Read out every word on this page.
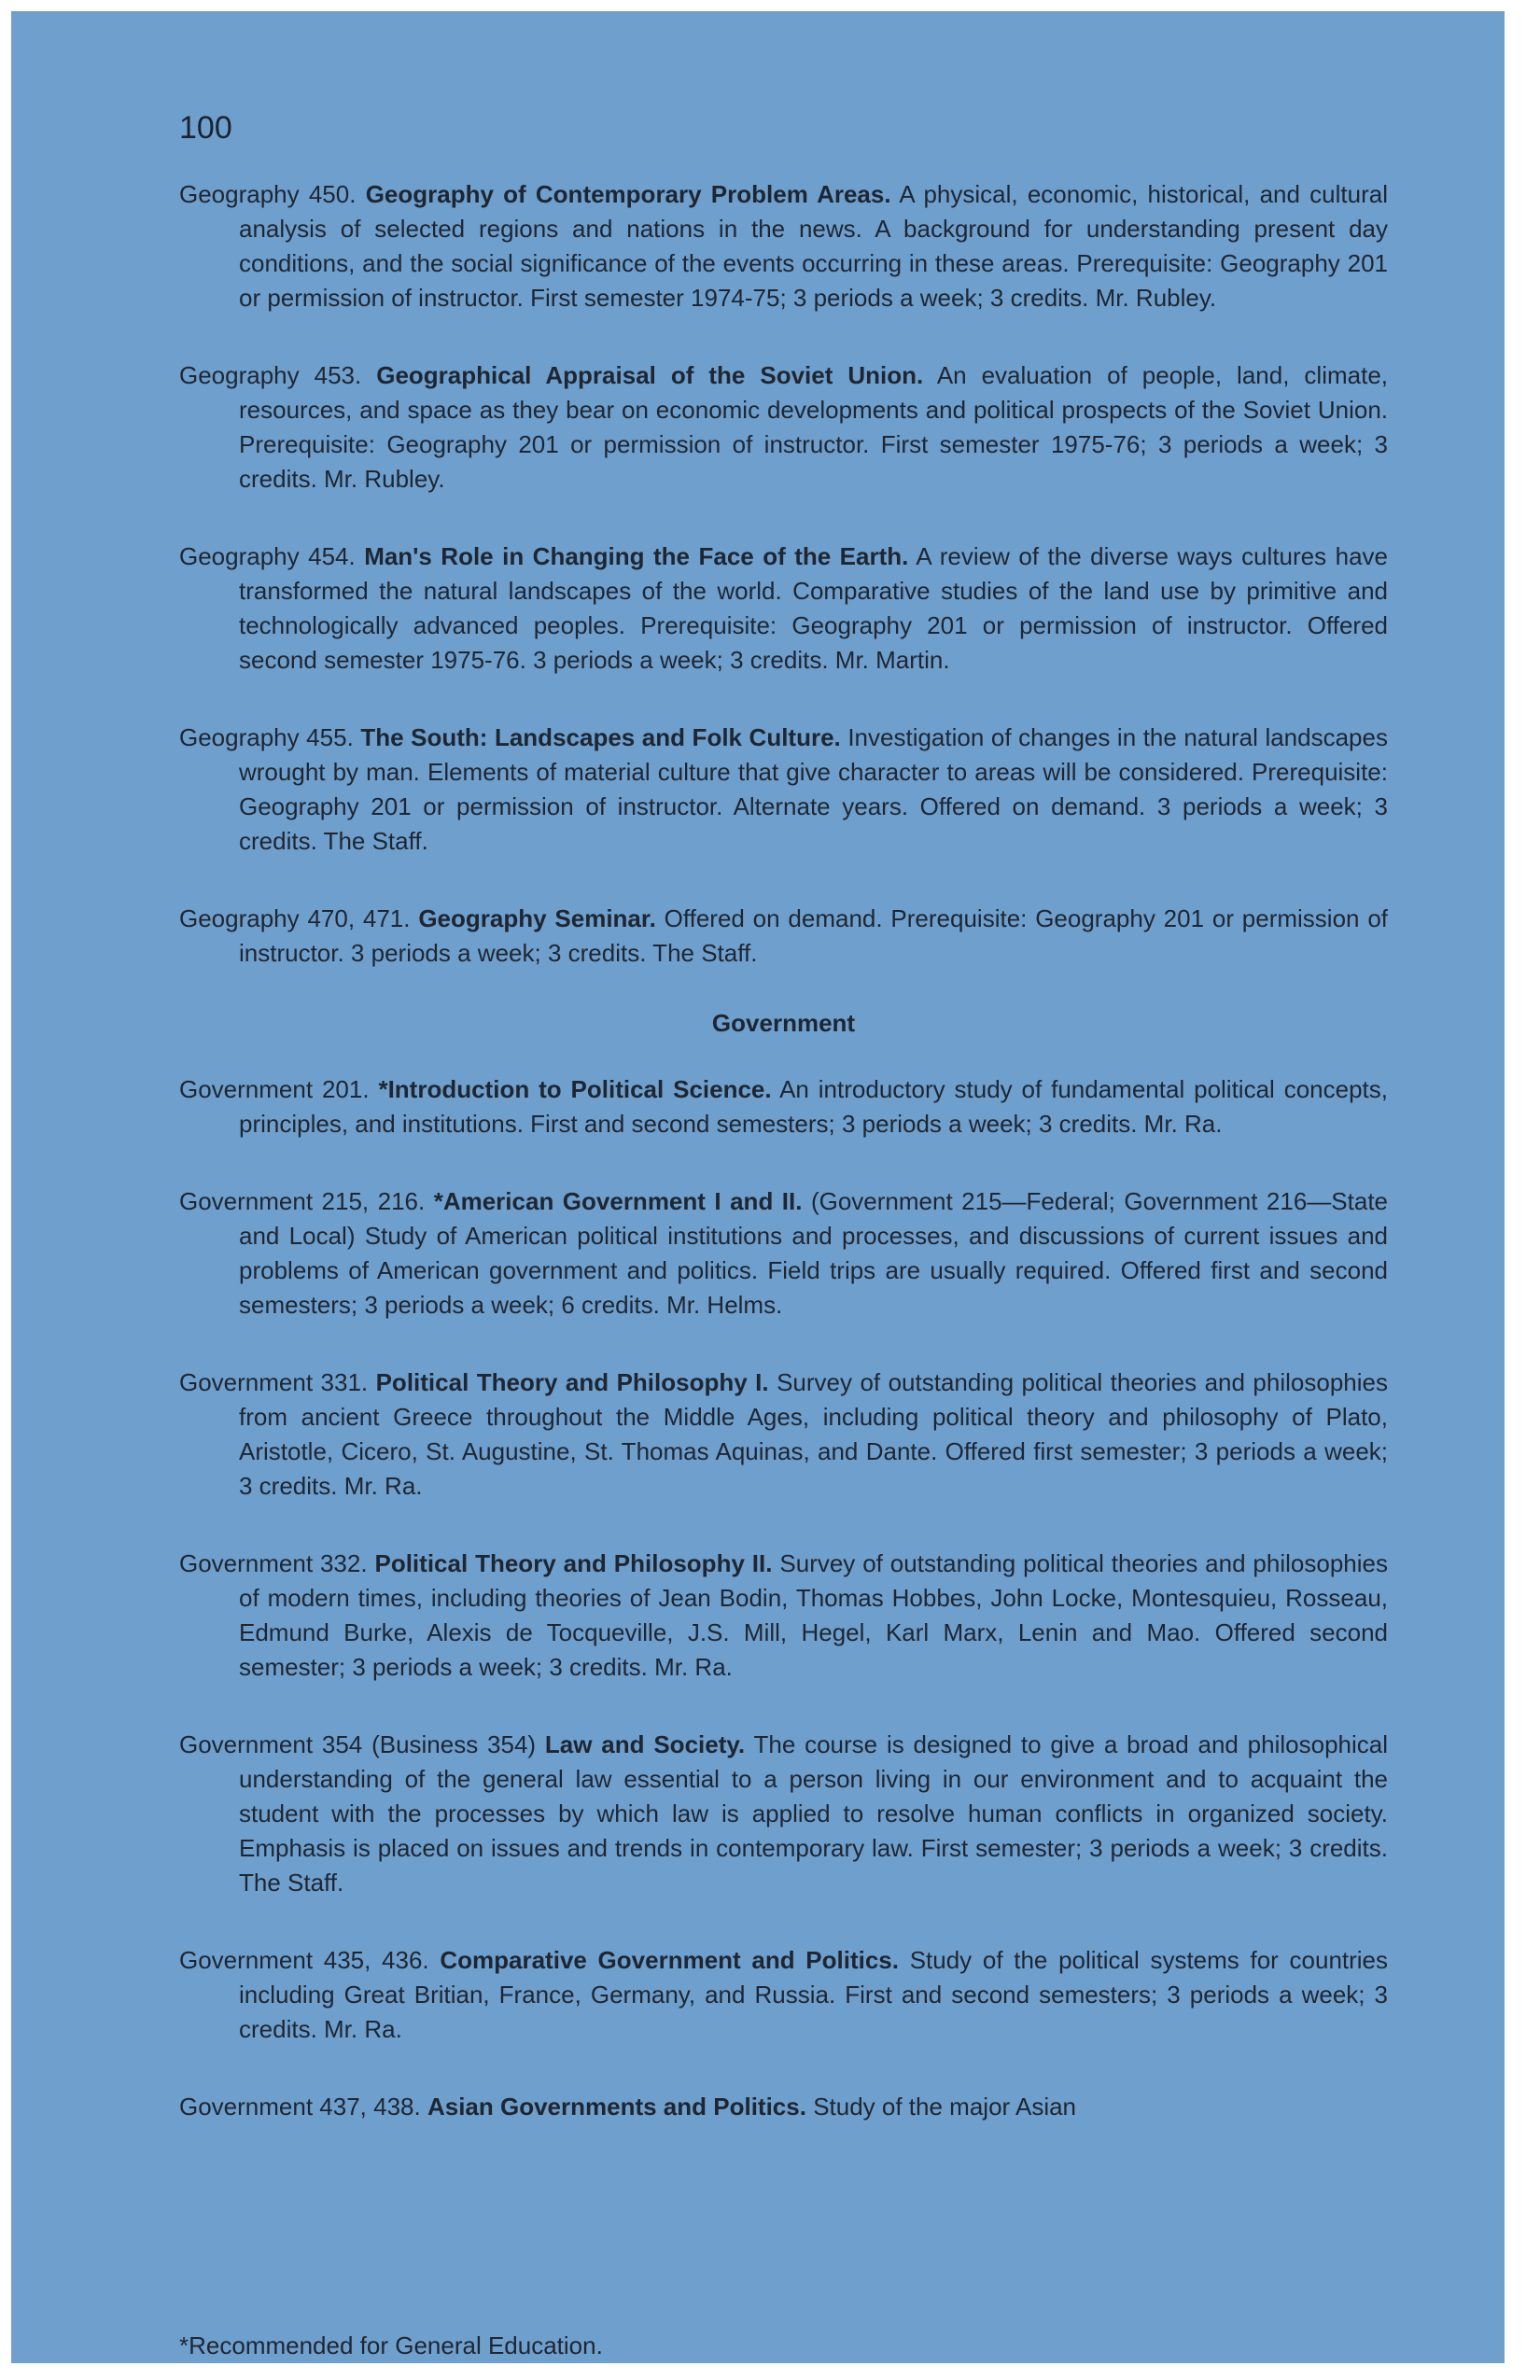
100

Geography 450. Geography of Contemporary Problem Areas. A physical, economic, historical, and cultural analysis of selected regions and nations in the news. A background for understanding present day conditions, and the social significance of the events occurring in these areas. Prerequisite: Geography 201 or permission of instructor. First semester 1974-75; 3 periods a week; 3 credits. Mr. Rubley.

Geography 453. Geographical Appraisal of the Soviet Union. An evaluation of people, land, climate, resources, and space as they bear on economic developments and political prospects of the Soviet Union. Prerequisite: Geography 201 or permission of instructor. First semester 1975-76; 3 periods a week; 3 credits. Mr. Rubley.

Geography 454. Man's Role in Changing the Face of the Earth. A review of the diverse ways cultures have transformed the natural landscapes of the world. Comparative studies of the land use by primitive and technologically advanced peoples. Prerequisite: Geography 201 or permission of instructor. Offered second semester 1975-76. 3 periods a week; 3 credits. Mr. Martin.

Geography 455. The South: Landscapes and Folk Culture. Investigation of changes in the natural landscapes wrought by man. Elements of material culture that give character to areas will be considered. Prerequisite: Geography 201 or permission of instructor. Alternate years. Offered on demand. 3 periods a week; 3 credits. The Staff.

Geography 470, 471. Geography Seminar. Offered on demand. Prerequisite: Geography 201 or permission of instructor. 3 periods a week; 3 credits. The Staff.

Government

Government 201. *Introduction to Political Science. An introductory study of fundamental political concepts, principles, and institutions. First and second semesters; 3 periods a week; 3 credits. Mr. Ra.

Government 215, 216. *American Government I and II. (Government 215—Federal; Government 216—State and Local) Study of American political institutions and processes, and discussions of current issues and problems of American government and politics. Field trips are usually required. Offered first and second semesters; 3 periods a week; 6 credits. Mr. Helms.

Government 331. Political Theory and Philosophy I. Survey of outstanding political theories and philosophies from ancient Greece throughout the Middle Ages, including political theory and philosophy of Plato, Aristotle, Cicero, St. Augustine, St. Thomas Aquinas, and Dante. Offered first semester; 3 periods a week; 3 credits. Mr. Ra.

Government 332. Political Theory and Philosophy II. Survey of outstanding political theories and philosophies of modern times, including theories of Jean Bodin, Thomas Hobbes, John Locke, Montesquieu, Rosseau, Edmund Burke, Alexis de Tocqueville, J.S. Mill, Hegel, Karl Marx, Lenin and Mao. Offered second semester; 3 periods a week; 3 credits. Mr. Ra.

Government 354 (Business 354) Law and Society. The course is designed to give a broad and philosophical understanding of the general law essential to a person living in our environment and to acquaint the student with the processes by which law is applied to resolve human conflicts in organized society. Emphasis is placed on issues and trends in contemporary law. First semester; 3 periods a week; 3 credits. The Staff.

Government 435, 436. Comparative Government and Politics. Study of the political systems for countries including Great Britian, France, Germany, and Russia. First and second semesters; 3 periods a week; 3 credits. Mr. Ra.

Government 437, 438. Asian Governments and Politics. Study of the major Asian

*Recommended for General Education.
